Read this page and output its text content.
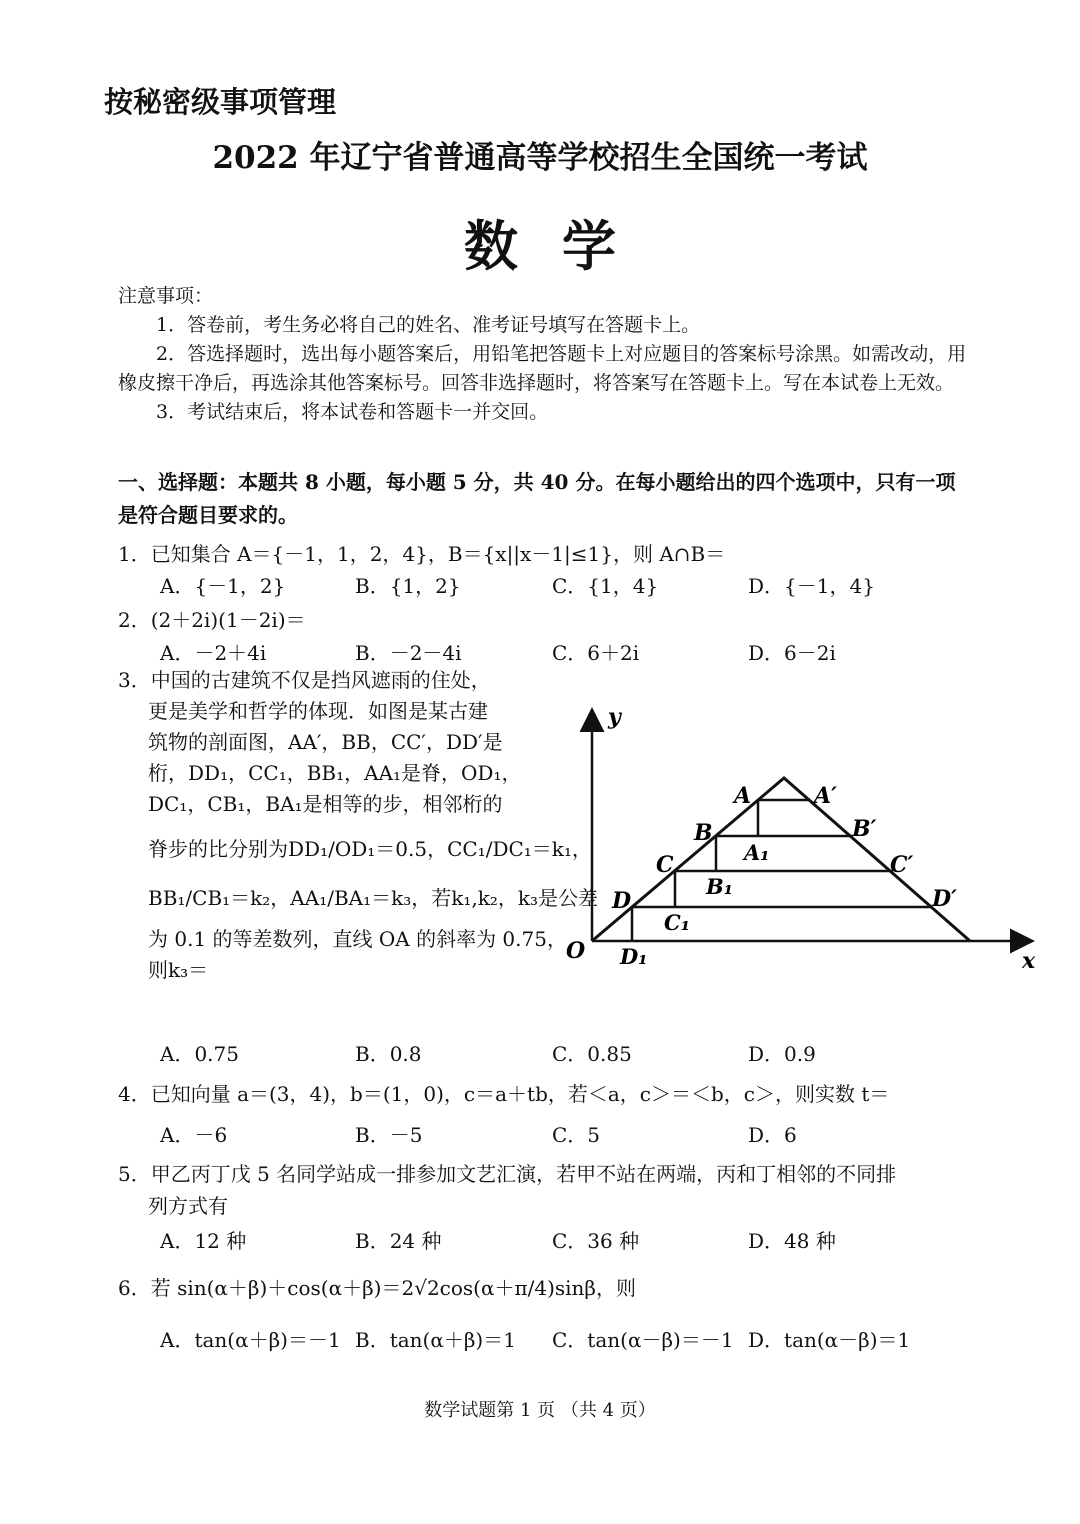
按秘密级事项管理
2022 年辽宁省普通高等学校招生全国统一考试
数学
注意事项：
1．答卷前，考生务必将自己的姓名、准考证号填写在答题卡上。
2．答选择题时，选出每小题答案后，用铅笔把答题卡上对应题目的答案标号涂黑。如需改动，用橡皮擦干净后，再选涂其他答案标号。回答非选择题时，将答案写在答题卡上。写在本试卷上无效。
3．考试结束后，将本试卷和答题卡一并交回。
一、选择题：本题共 8 小题，每小题 5 分，共 40 分。在每小题给出的四个选项中，只有一项是符合题目要求的。
1．已知集合 A＝{－1，1，2，4}，B＝{x||x－1|≤1}，则 A∩B＝
A．{－1，2}	B．{1，2}	C．{1，4}	D．{－1，4}
2．(2＋2i)(1－2i)＝
A．－2＋4i	B．－2－4i	C．6＋2i	D．6－2i
3．中国的古建筑不仅是挡风遮雨的住处，
更是美学和哲学的体现．如图是某古建
筑物的剖面图，AA′，BB，CC′，DD′是
桁，DD₁，CC₁，BB₁，AA₁是脊，OD₁，
DC₁，CB₁，BA₁是相等的步，相邻桁的
脊步的比分别为DD₁/OD₁＝0.5，CC₁/DC₁＝k₁，
BB₁/CB₁＝k₂，AA₁/BA₁＝k₃，若k₁,k₂，k₃是公差
为 0.1 的等差数列，直线 OA 的斜率为 0.75，
则k₃＝
y
x
O
A	A′
B	B′
C	C′
D	D′
A₁
B₁
C₁
D₁
A．0.75	B．0.8	C．0.85	D．0.9
4．已知向量 a＝(3，4)，b＝(1，0)，c＝a＋tb，若＜a，c＞＝＜b，c＞，则实数 t＝
A．－6	B．－5	C．5	D．6
5．甲乙丙丁戊 5 名同学站成一排参加文艺汇演，若甲不站在两端，丙和丁相邻的不同排
列方式有
A．12 种	B．24 种	C．36 种	D．48 种
6．若 sin(α＋β)＋cos(α＋β)＝2√2cos(α＋π/4)sinβ，则
A．tan(α＋β)＝－1 B．tan(α＋β)＝1 C．tan(α－β)＝－1 D．tan(α－β)＝1
数学试题第 1 页 （共 4 页）
